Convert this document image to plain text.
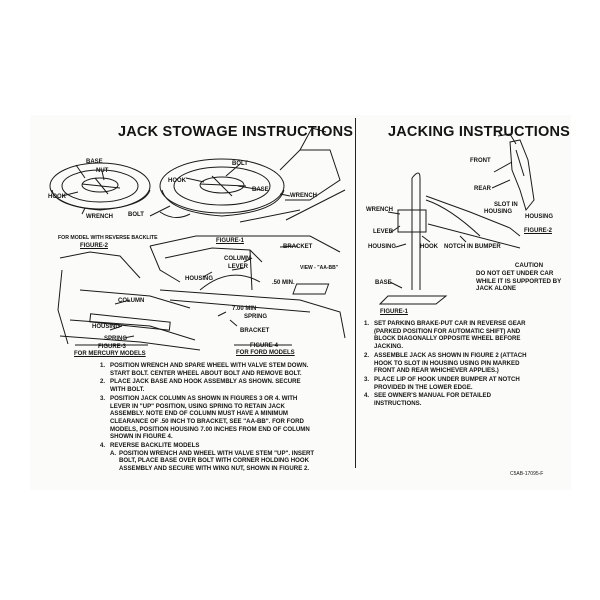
JACK STOWAGE INSTRUCTIONS JACKING INSTRUCTIONS
BASE
NUT
HOOK
WRENCH
BOLT
HOOK
BASE
WRENCH
BOLT
FOR MODEL WITH REVERSE BACKLITE
FIGURE-2
FIGURE-1
BRACKET
COLUMN
LEVER
HOUSING
VIEW - "AA-BB"
.50 MIN.
COLUMN
7.00 MIN
SPRING
HOUSING
SPRING
BRACKET
FIGURE-3
FOR MERCURY MODELS
FIGURE-4
FOR FORD MODELS
1. POSITION WRENCH AND SPARE WHEEL WITH VALVE STEM DOWN. START BOLT. CENTER WHEEL ABOUT BOLT AND REMOVE BOLT.
2. PLACE JACK BASE AND HOOK ASSEMBLY AS SHOWN. SECURE WITH BOLT.
3. POSITION JACK COLUMN AS SHOWN IN FIGURES 3 OR 4. WITH LEVER IN "UP" POSITION, USING SPRING TO RETAIN JACK ASSEMBLY. NOTE END OF COLUMN MUST HAVE A MINIMUM CLEARANCE OF .50 INCH TO BRACKET, SEE "AA-BB". FOR FORD MODELS, POSITION HOUSING 7.00 INCHES FROM END OF COLUMN SHOWN IN FIGURE 4.
4. REVERSE BACKLITE MODELS
A. POSITION WRENCH AND WHEEL WITH VALVE STEM "UP". INSERT BOLT, PLACE BASE OVER BOLT WITH CORNER HOLDING HOOK ASSEMBLY AND SECURE WITH WING NUT, SHOWN IN FIGURE 2.
FRONT
REAR
SLOT IN
HOUSING
HOUSING
FIGURE-2
WRENCH
LEVER
HOUSING	HOOK NOTCH IN BUMPER
BASE
FIGURE-1
CAUTION
DO NOT GET UNDER CAR WHILE IT IS SUPPORTED BY JACK ALONE
1. SET PARKING BRAKE-PUT CAR IN REVERSE GEAR (PARKED POSITION FOR AUTOMATIC SHIFT) AND BLOCK DIAGONALLY OPPOSITE WHEEL BEFORE JACKING.
2. ASSEMBLE JACK AS SHOWN IN FIGURE 2 (ATTACH HOOK TO SLOT IN HOUSING USING PIN MARKED FRONT AND REAR WHICHEVER APPLIES.)
3. PLACE LIP OF HOOK UNDER BUMPER AT NOTCH PROVIDED IN THE LOWER EDGE.
4. SEE OWNER'S MANUAL FOR DETAILED INSTRUCTIONS.
C5AB-17095-F
